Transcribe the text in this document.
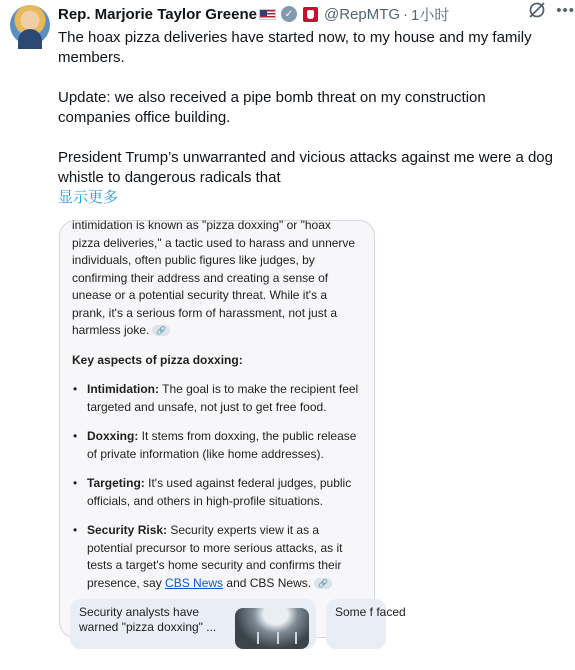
Rep. Marjorie Taylor Greene	✓ @RepMTG · 1小时	•••

The hoax pizza deliveries have started now, to my house and my family members.

Update: we also received a pipe bomb threat on my construction companies office building.

President Trump’s unwarranted and vicious attacks against me were a dog whistle to dangerous radicals that

显示更多
intimidation is known as "pizza doxxing" or "hoax
pizza deliveries," a tactic used to harass and unnerve individuals, often public figures like judges, by confirming their address and creating a sense of unease or a potential security threat. While it's a prank, it's a serious form of harassment, not just a harmless joke. 🔗
Key aspects of pizza doxxing:
• Intimidation: The goal is to make the recipient feel targeted and unsafe, not just to get free food.
• Doxxing: It stems from doxxing, the public release of private information (like home addresses).
• Targeting: It's used against federal judges, public officials, and others in high-profile situations.
• Security Risk: Security experts view it as a potential precursor to more serious attacks, as it tests a target's home security and confirms their presence, say CBS News and CBS News. 🔗
Security analysts have warned "pizza doxxing" ...
Some f faced
